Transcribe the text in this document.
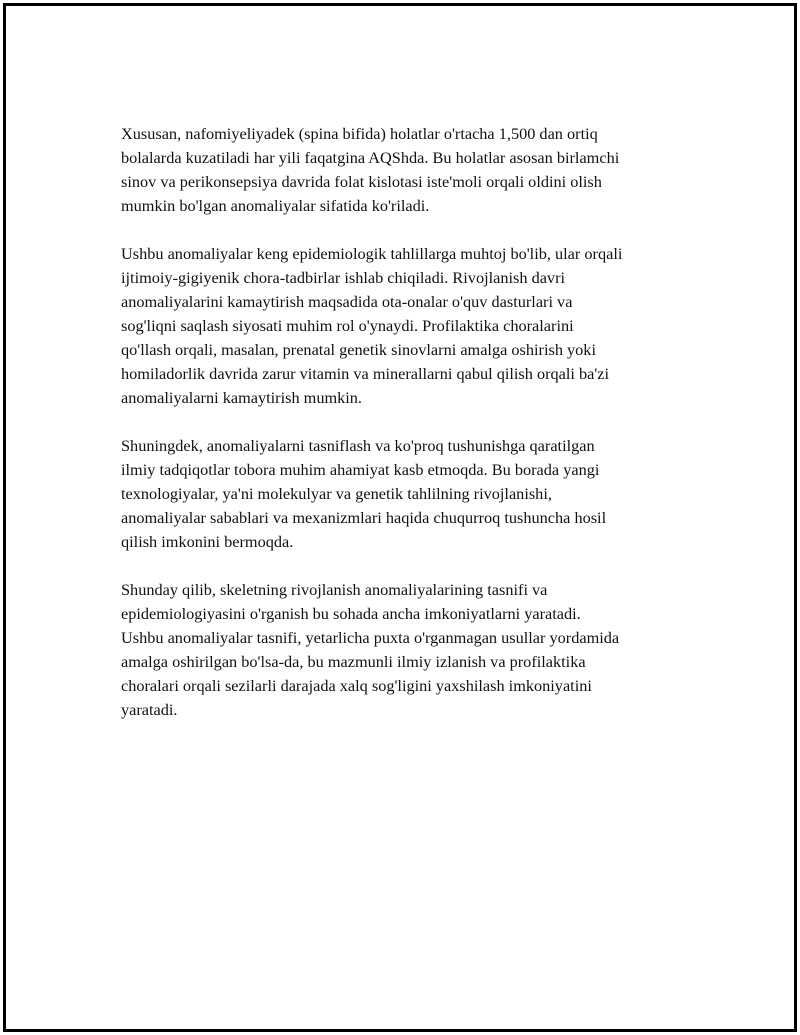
Xususan, nafomiyeliyadek (spina bifida) holatlar o'rtacha 1,500 dan ortiq
bolalarda kuzatiladi har yili faqatgina AQShda. Bu holatlar asosan birlamchi
sinov va perikonsepsiya davrida folat kislotasi iste'moli orqali oldini olish
mumkin bo'lgan anomaliyalar sifatida ko'riladi.

Ushbu anomaliyalar keng epidemiologik tahlillarga muhtoj bo'lib, ular orqali
ijtimoiy-gigiyenik chora-tadbirlar ishlab chiqiladi. Rivojlanish davri
anomaliyalarini kamaytirish maqsadida ota-onalar o'quv dasturlari va
sog'liqni saqlash siyosati muhim rol o'ynaydi. Profilaktika choralarini
qo'llash orqali, masalan, prenatal genetik sinovlarni amalga oshirish yoki
homiladorlik davrida zarur vitamin va minerallarni qabul qilish orqali ba'zi
anomaliyalarni kamaytirish mumkin.

Shuningdek, anomaliyalarni tasniflash va ko'proq tushunishga qaratilgan
ilmiy tadqiqotlar tobora muhim ahamiyat kasb etmoqda. Bu borada yangi
texnologiyalar, ya'ni molekulyar va genetik tahlilning rivojlanishi,
anomaliyalar sabablari va mexanizmlari haqida chuqurroq tushuncha hosil
qilish imkonini bermoqda.

Shunday qilib, skeletning rivojlanish anomaliyalarining tasnifi va
epidemiologiyasini o'rganish bu sohada ancha imkoniyatlarni yaratadi.
Ushbu anomaliyalar tasnifi, yetarlicha puxta o'rganmagan usullar yordamida
amalga oshirilgan bo'lsa-da, bu mazmunli ilmiy izlanish va profilaktika
choralari orqali sezilarli darajada xalq sog'ligini yaxshilash imkoniyatini
yaratadi.
